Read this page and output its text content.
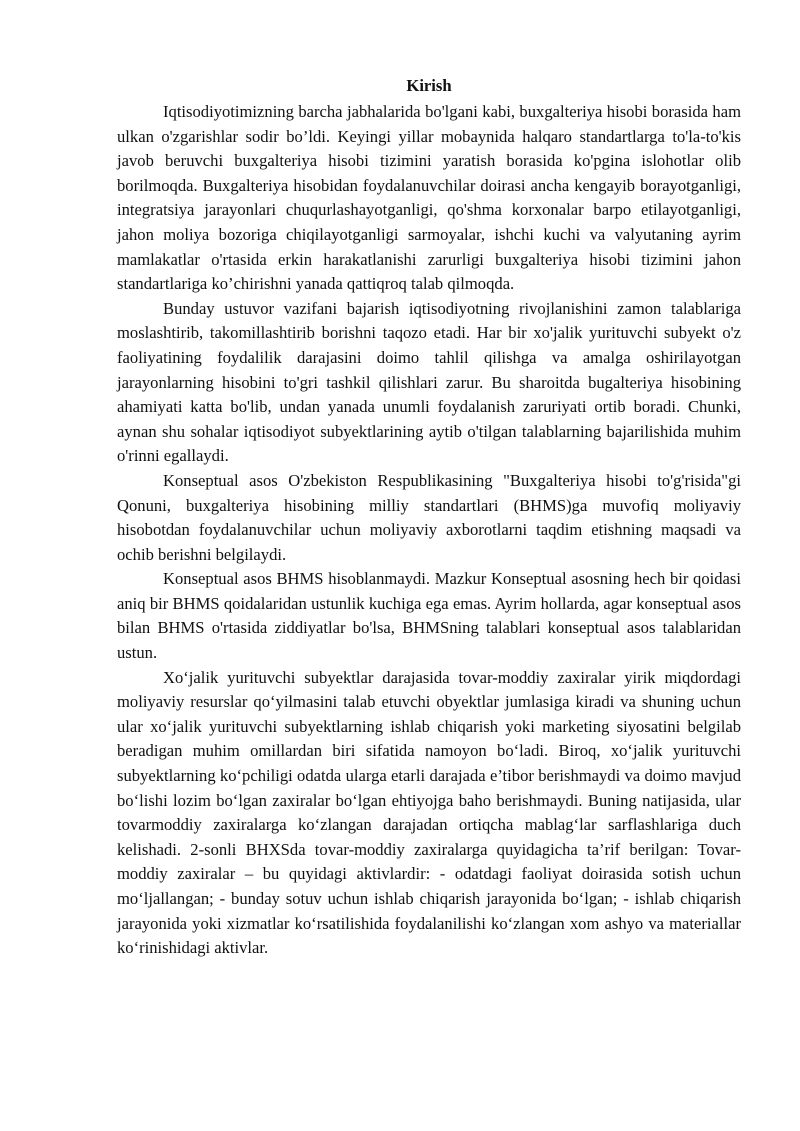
Kirish

Iqtisodiyotimizning barcha jabhalarida bo'lgani kabi, buxgalteriya hisobi borasida ham ulkan o'zgarishlar sodir bo’ldi. Keyingi yillar mobaynida halqaro standartlarga to'la-to'kis javob beruvchi buxgalteriya hisobi tizimini yaratish borasida ko'pgina islohotlar olib borilmoqda. Buxgalteriya hisobidan foydalanuvchilar doirasi ancha kengayib borayotganligi, integratsiya jarayonlari chuqurlashayotganligi, qo'shma korxonalar barpo etilayotganligi, jahon moliya bozoriga chiqilayotganligi sarmoyalar, ishchi kuchi va valyutaning ayrim mamlakatlar o'rtasida erkin harakatlanishi zarurligi buxgalteriya hisobi tizimini jahon standartlariga ko’chirishni yanada qattiqroq talab qilmoqda.

Bunday ustuvor vazifani bajarish iqtisodiyotning rivojlanishini zamon talablariga moslashtirib, takomillashtirib borishni taqozo etadi. Har bir xo'jalik yurituvchi subyekt o'z faoliyatining foydalilik darajasini doimo tahlil qilishga va amalga oshirilayotgan jarayonlarning hisobini to'gri tashkil qilishlari zarur. Bu sharoitda bugalteriya hisobining ahamiyati katta bo'lib, undan yanada unumli foydalanish zaruriyati ortib boradi. Chunki, aynan shu sohalar iqtisodiyot subyektlarining aytib o'tilgan talablarning bajarilishida muhim o'rinni egallaydi.

Konseptual asos O'zbekiston Respublikasining "Buxgalteriya hisobi to'g'risida"gi Qonuni, buxgalteriya hisobining milliy standartlari (BHMS)ga muvofiq moliyaviy hisobotdan foydalanuvchilar uchun moliyaviy axborotlarni taqdim etishning maqsadi va ochib berishni belgilaydi.

Konseptual asos BHMS hisoblanmaydi. Mazkur Konseptual asosning hech bir qoidasi aniq bir BHMS qoidalaridan ustunlik kuchiga ega emas. Ayrim hollarda, agar konseptual asos bilan BHMS o'rtasida ziddiyatlar bo'lsa, BHMSning talablari konseptual asos talablaridan ustun.

Xo‘jalik yurituvchi subyektlar darajasida tovar-moddiy zaxiralar yirik miqdordagi moliyaviy resurslar qo‘yilmasini talab etuvchi obyektlar jumlasiga kiradi va shuning uchun ular xo‘jalik yurituvchi subyektlarning ishlab chiqarish yoki marketing siyosatini belgilab beradigan muhim omillardan biri sifatida namoyon bo‘ladi. Biroq, xo‘jalik yurituvchi subyektlarning ko‘pchiligi odatda ularga etarli darajada e’tibor berishmaydi va doimo mavjud bo‘lishi lozim bo‘lgan zaxiralar bo‘lgan ehtiyojga baho berishmaydi. Buning natijasida, ular tovarmoddiy zaxiralarga ko‘zlangan darajadan ortiqcha mablag‘lar sarflashlariga duch kelishadi. 2-sonli BHXSda tovar-moddiy zaxiralarga quyidagicha ta’rif berilgan: Tovar-moddiy zaxiralar – bu quyidagi aktivlardir: - odatdagi faoliyat doirasida sotish uchun mo‘ljallangan; - bunday sotuv uchun ishlab chiqarish jarayonida bo‘lgan; - ishlab chiqarish jarayonida yoki xizmatlar ko‘rsatilishida foydalanilishi ko‘zlangan xom ashyo va materiallar ko‘rinishidagi aktivlar.
